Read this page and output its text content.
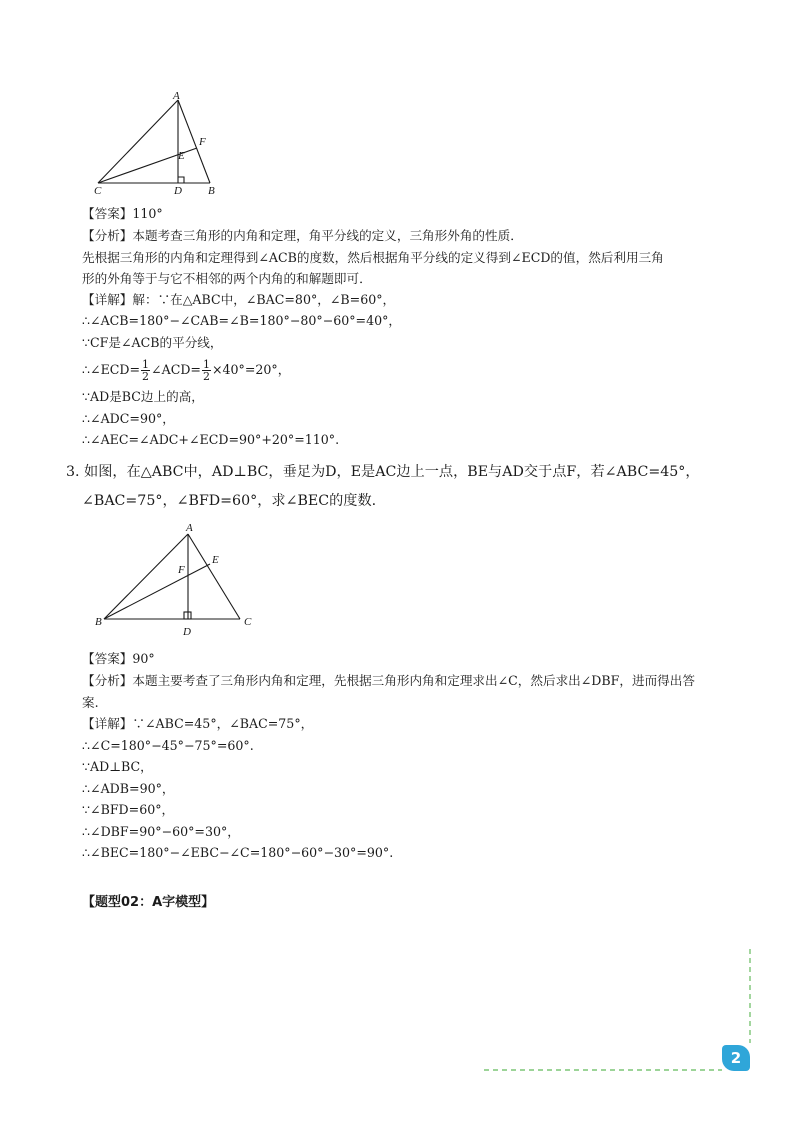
A
C	D B
E
F
【答案】110°
【分析】本题考查三角形的内角和定理，角平分线的定义，三角形外角的性质．
先根据三角形的内角和定理得到∠ACB的度数，然后根据角平分线的定义得到∠ECD的值，然后利用三角
形的外角等于与它不相邻的两个内角的和解题即可．
【详解】解：∵在△ABC中，∠BAC=80°，∠B=60°，
∴∠ACB=180°−∠CAB=∠B=180°−80°−60°=40°，
∵CF是∠ACB的平分线，
∴∠ECD= $\frac{1}{2}$ ∠ACD= $\frac{1}{2} \times 40^\circ=20^\circ$，
∵AD是BC边上的高，
∴∠ADC=90°，
∴∠AEC=∠ADC+∠ECD=90°+20°=110°.
3. 如图，在△ABC中，AD⊥BC，垂足为D，E是AC边上一点，BE与AD交于点F，若∠ABC=45°，
∠BAC=75°，∠BFD=60°，求∠BEC的度数.
A
B	C
D
E
F
【答案】90°
【分析】本题主要考查了三角形内角和定理，先根据三角形内角和定理求出∠C，然后求出∠DBF，进而得出答
案.
【详解】∵∠ABC=45°，∠BAC=75°，
∴∠C=180°−45°−75°=60°.
∵AD⊥BC，
∴∠ADB=90°，
∵∠BFD=60°，
∴∠DBF=90°−60°=30°，
∴∠BEC=180°−∠EBC−∠C=180°−60°−30°=90°.
【题型02：A字模型】
2
